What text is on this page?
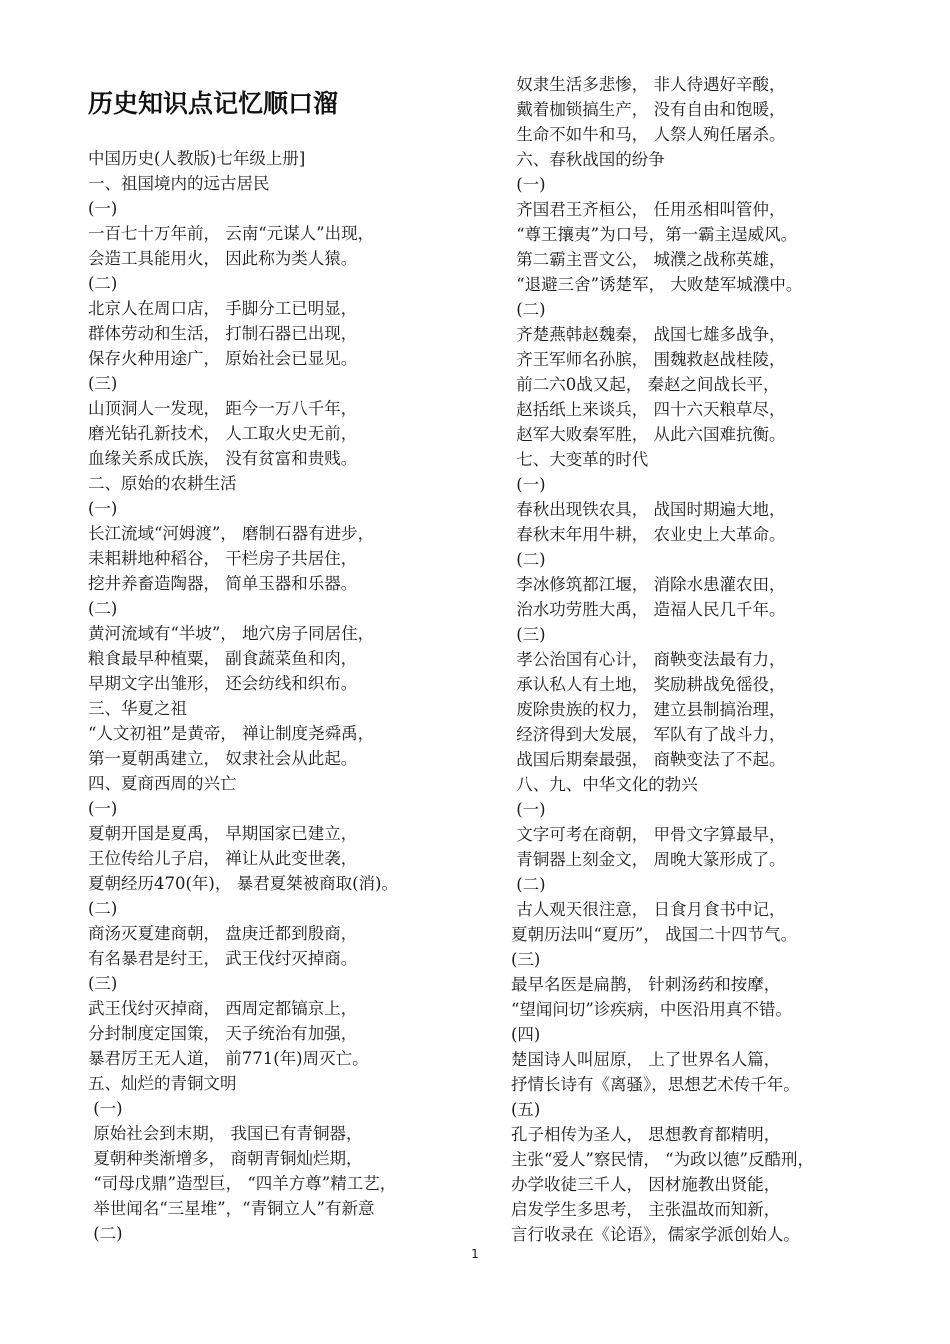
历史知识点记忆顺口溜
中国历史(人教版)七年级上册]
一、祖国境内的远古居民
(一)
一百七十万年前， 云南“元谋人”出现，
会造工具能用火， 因此称为类人猿。
(二)
北京人在周口店， 手脚分工已明显，
群体劳动和生活， 打制石器已出现，
保存火种用途广， 原始社会已显见。
(三)
山顶洞人一发现， 距今一万八千年，
磨光钻孔新技术， 人工取火史无前，
血缘关系成氏族， 没有贫富和贵贱。
二、原始的农耕生活
(一)
长江流域“河姆渡”， 磨制石器有进步，
耒耜耕地种稻谷， 干栏房子共居住，
挖井养畜造陶器， 简单玉器和乐器。
(二)
黄河流域有“半坡”， 地穴房子同居住，
粮食最早种植粟， 副食蔬菜鱼和肉，
早期文字出雏形， 还会纺线和织布。
三、华夏之祖
“人文初祖”是黄帝， 禅让制度尧舜禹，
第一夏朝禹建立， 奴隶社会从此起。
四、夏商西周的兴亡
(一)
夏朝开国是夏禹， 早期国家已建立，
王位传给儿子启， 禅让从此变世袭，
夏朝经历470(年)， 暴君夏桀被商取(消)。
(二)
商汤灭夏建商朝， 盘庚迁都到殷商，
有名暴君是纣王， 武王伐纣灭掉商。
(三)
武王伐纣灭掉商， 西周定都镐京上，
分封制度定国策， 天子统治有加强，
暴君厉王无人道， 前771(年)周灭亡。
五、灿烂的青铜文明
(一)
原始社会到末期， 我国已有青铜器，
夏朝种类渐增多， 商朝青铜灿烂期，
“司母戊鼎”造型巨， “四羊方尊”精工艺，
举世闻名“三星堆”，“青铜立人”有新意
(二)
奴隶生活多悲惨， 非人待遇好辛酸，
戴着枷锁搞生产， 没有自由和饱暖，
生命不如牛和马， 人祭人殉任屠杀。
六、春秋战国的纷争
(一)
齐国君王齐桓公， 任用丞相叫管仲，
“尊王攘夷”为口号，第一霸主逞威风。
第二霸主晋文公， 城濮之战称英雄，
“退避三舍”诱楚军， 大败楚军城濮中。
(二)
齐楚燕韩赵魏秦， 战国七雄多战争，
齐王军师名孙膑， 围魏救赵战桂陵，
前二六0战又起， 秦赵之间战长平，
赵括纸上来谈兵， 四十六天粮草尽，
赵军大败秦军胜， 从此六国难抗衡。
七、大变革的时代
(一)
春秋出现铁农具， 战国时期遍大地，
春秋末年用牛耕， 农业史上大革命。
(二)
李冰修筑都江堰， 消除水患灌农田，
治水功劳胜大禹， 造福人民几千年。
(三)
孝公治国有心计， 商鞅变法最有力，
承认私人有土地， 奖励耕战免徭役，
废除贵族的权力， 建立县制搞治理，
经济得到大发展， 军队有了战斗力，
战国后期秦最强， 商鞅变法了不起。
八、九、中华文化的勃兴
(一)
文字可考在商朝， 甲骨文字算最早，
青铜器上刻金文， 周晚大篆形成了。
(二)
古人观天很注意， 日食月食书中记，
夏朝历法叫“夏历”， 战国二十四节气。
(三)
最早名医是扁鹊， 针刺汤药和按摩，
“望闻问切”诊疾病，中医沿用真不错。
(四)
楚国诗人叫屈原， 上了世界名人篇，
抒情长诗有《离骚》，思想艺术传千年。
(五)
孔子相传为圣人， 思想教育都精明，
主张“爱人”察民情， “为政以德”反酷刑，
办学收徒三千人， 因材施教出贤能，
启发学生多思考， 主张温故而知新，
言行收录在《论语》，儒家学派创始人。
1
